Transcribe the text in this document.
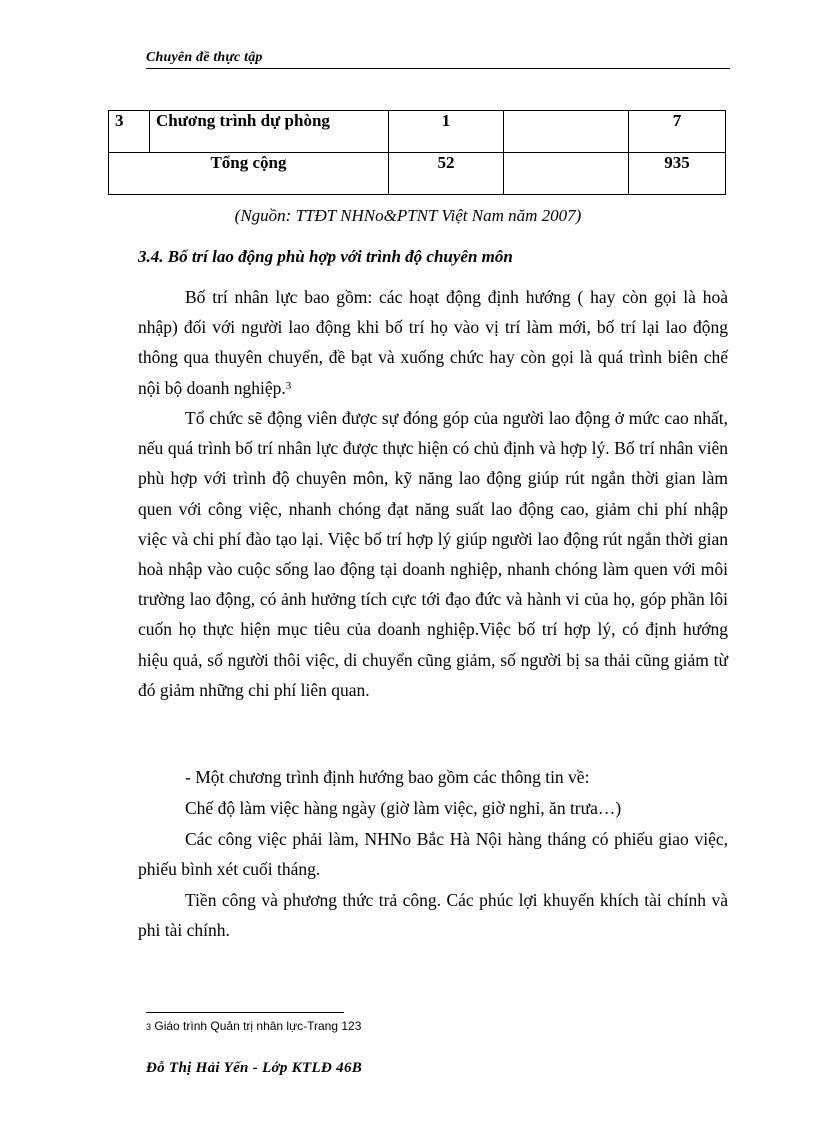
Chuyên đề thực tập
3	Chương trình dự phòng	1		7
Tổng cộng		52		935
(Nguồn: TTĐT NHNo&PTNT Việt Nam năm 2007)
3.4. Bố trí lao động phù hợp với trình độ chuyên môn

Bố trí nhân lực bao gồm: các hoạt động định hướng ( hay còn gọi là hoà nhập) đối với người lao động khi bố trí họ vào vị trí làm mới, bố trí lại lao động thông qua thuyên chuyển, đề bạt và xuống chức hay còn gọi là quá trình biên chế nội bộ doanh nghiệp.$^3$

Tổ chức sẽ động viên được sự đóng góp của người lao động ở mức cao nhất, nếu quá trình bố trí nhân lực được thực hiện có chủ định và hợp lý. Bố trí nhân viên phù hợp với trình độ chuyên môn, kỹ năng lao động giúp rút ngắn thời gian làm quen với công việc, nhanh chóng đạt năng suất lao động cao, giảm chi phí nhập việc và chi phí đào tạo lại. Việc bố trí hợp lý giúp người lao động rút ngắn thời gian hoà nhập vào cuộc sống lao động tại doanh nghiệp, nhanh chóng làm quen với môi trường lao động, có ảnh hưởng tích cực tới đạo đức và hành vi của họ, góp phần lôi cuốn họ thực hiện mục tiêu của doanh nghiệp.Việc bố trí hợp lý, có định hướng hiệu quả, số người thôi việc, di chuyển cũng giảm, số người bị sa thải cũng giảm từ đó giảm những chi phí liên quan.

- Một chương trình định hướng bao gồm các thông tin về:

Chế độ làm việc hàng ngày (giờ làm việc, giờ nghỉ, ăn trưa…)

Các công việc phải làm, NHNo Bắc Hà Nội hàng tháng có phiếu giao việc, phiếu bình xét cuối tháng.

Tiền công và phương thức trả công. Các phúc lợi khuyến khích tài chính và phi tài chính.

3 Giáo trình Quản trị nhân lực-Trang 123
Đỗ Thị Hải Yến - Lớp KTLĐ 46B
